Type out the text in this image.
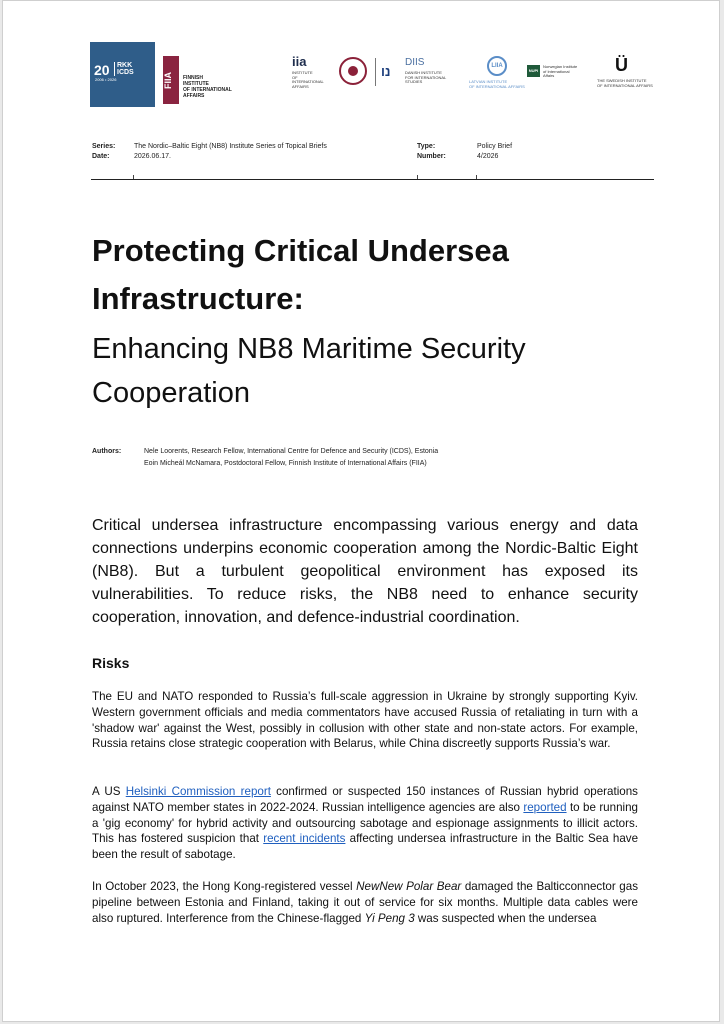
20 RKK
ICDS
2006 • 2026	FIIA	FINNISH
INSTITUTE
OF INTERNATIONAL
AFFAIRS
iia
INSTITUTE
OF
INTERNATIONAL
AFFAIRS
נו
DIIS
DANISH INSTITUTE
FOR INTERNATIONAL
STUDIES
LIIA
LATVIAN INSTITUTE
OF INTERNATIONAL AFFAIRS
NUPI
Norwegian Institute
of International
Affairs
Ü
THE SWEDISH INSTITUTE
OF INTERNATIONAL AFFAIRS
Series:	The Nordic–Baltic Eight (NB8) Institute Series of Topical Briefs
Date:	2026.06.17.
Type:	Policy Brief
Number:	4/2026
Protecting Critical Undersea
Infrastructure:
Enhancing NB8 Maritime Security
Cooperation
Authors:	Nele Loorents, Research Fellow, International Centre for Defence and Security (ICDS), Estonia
Eoin Micheál McNamara, Postdoctoral Fellow, Finnish Institute of International Affairs (FIIA)
Critical undersea infrastructure encompassing various energy and data connections underpins economic cooperation among the Nordic-Baltic Eight (NB8). But a turbulent geopolitical environment has exposed its vulnerabilities. To reduce risks, the NB8 need to enhance security cooperation, innovation, and defence-industrial coordination.
Risks
The EU and NATO responded to Russia’s full-scale aggression in Ukraine by strongly supporting Kyiv. Western government officials and media commentators have accused Russia of retaliating in turn with a 'shadow war' against the West, possibly in collusion with other state and non-state actors. For example, Russia retains close strategic cooperation with Belarus, while China discreetly supports Russia’s war.
A US Helsinki Commission report confirmed or suspected 150 instances of Russian hybrid operations against NATO member states in 2022-2024. Russian intelligence agencies are also reported to be running a 'gig economy' for hybrid activity and outsourcing sabotage and espionage assignments to illicit actors. This has fostered suspicion that recent incidents affecting undersea infrastructure in the Baltic Sea have been the result of sabotage.
In October 2023, the Hong Kong-registered vessel NewNew Polar Bear damaged the Balticconnector gas pipeline between Estonia and Finland, taking it out of service for six months. Multiple data cables were also ruptured. Interference from the Chinese-flagged Yi Peng 3 was suspected when the undersea
